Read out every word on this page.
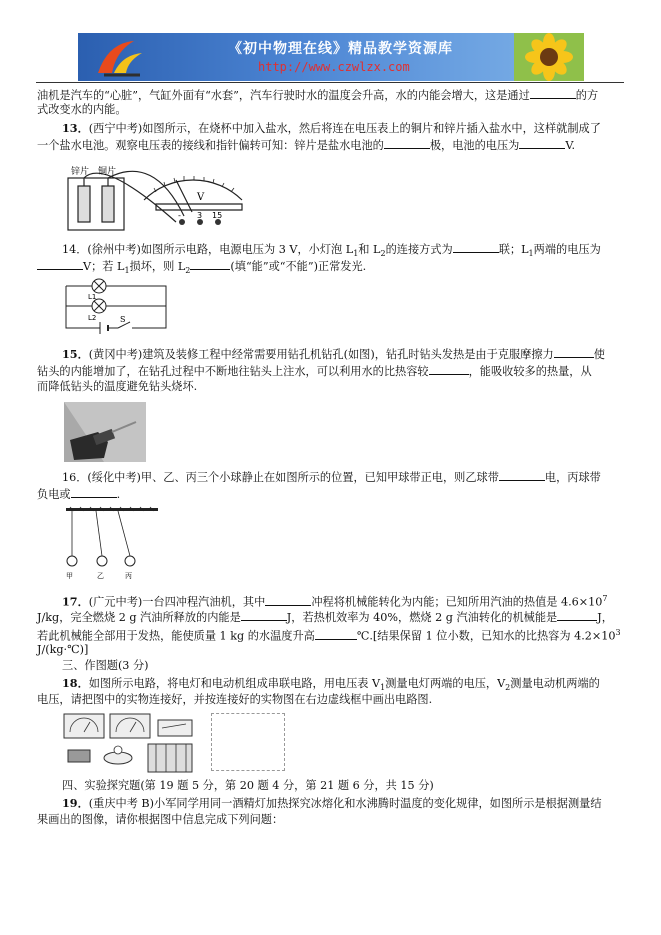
《初中物理在线》精品教学资源库
http://www.czwlzx.com
油机是汽车的“心脏”，气缸外面有“水套”，汽车行驶时水的温度会升高，水的内能会增大，这是通过	的方
式改变水的内能。
13．(西宁中考)如图所示，在烧杯中加入盐水，然后将连在电压表上的铜片和锌片插入盐水中，这样就制成了
一个盐水电池。观察电压表的接线和指针偏转可知：锌片是盐水电池的	极，电池的电压为	V.
锌片 铜片
V
- 3 15
14．(徐州中考)如图所示电路，电源电压为 3 V，小灯泡 $L_1$和 $L_2$的连接方式为	联；$L_1$两端的电压为
V；若 $L_1$损坏，则 $L_2$	(填“能”或“不能”)正常发光.
L1
L2	S
15．(黄冈中考)建筑及装修工程中经常需要用钻孔机钻孔(如图)，钻孔时钻头发热是由于克服摩擦力	使
钻头的内能增加了，在钻孔过程中不断地往钻头上注水，可以利用水的比热容较	，能吸收较多的热量，从
而降低钻头的温度避免钻头烧坏.
16．(绥化中考)甲、乙、丙三个小球静止在如图所示的位置，已知甲球带正电，则乙球带	电，丙球带
负电或	.
甲	乙	丙
17．(广元中考)一台四冲程汽油机，其中	冲程将机械能转化为内能；已知所用汽油的热值是 $4.6\times 10^7$
J/kg，完全燃烧 2 g 汽油所释放的内能是	J，若热机效率为 40%，燃烧 2 g 汽油转化的机械能是	J，
若此机械能全部用于发热，能使质量 1 kg 的水温度升高	℃.[结果保留 1 位小数，已知水的比热容为 $4.2\times 10^3$
J/(kg·℃)]
三、作图题(3 分)
18．如图所示电路，将电灯和电动机组成串联电路，用电压表 $V_1$测量电灯两端的电压，$V_2$测量电动机两端的
电压，请把图中的实物连接好，并按连接好的实物图在右边虚线框中画出电路图.
四、实验探究题(第 19 题 5 分，第 20 题 4 分，第 21 题 6 分，共 15 分)
19．(重庆中考 B)小军同学用同一酒精灯加热探究冰熔化和水沸腾时温度的变化规律，如图所示是根据测量结
果画出的图像，请你根据图中信息完成下列问题：
